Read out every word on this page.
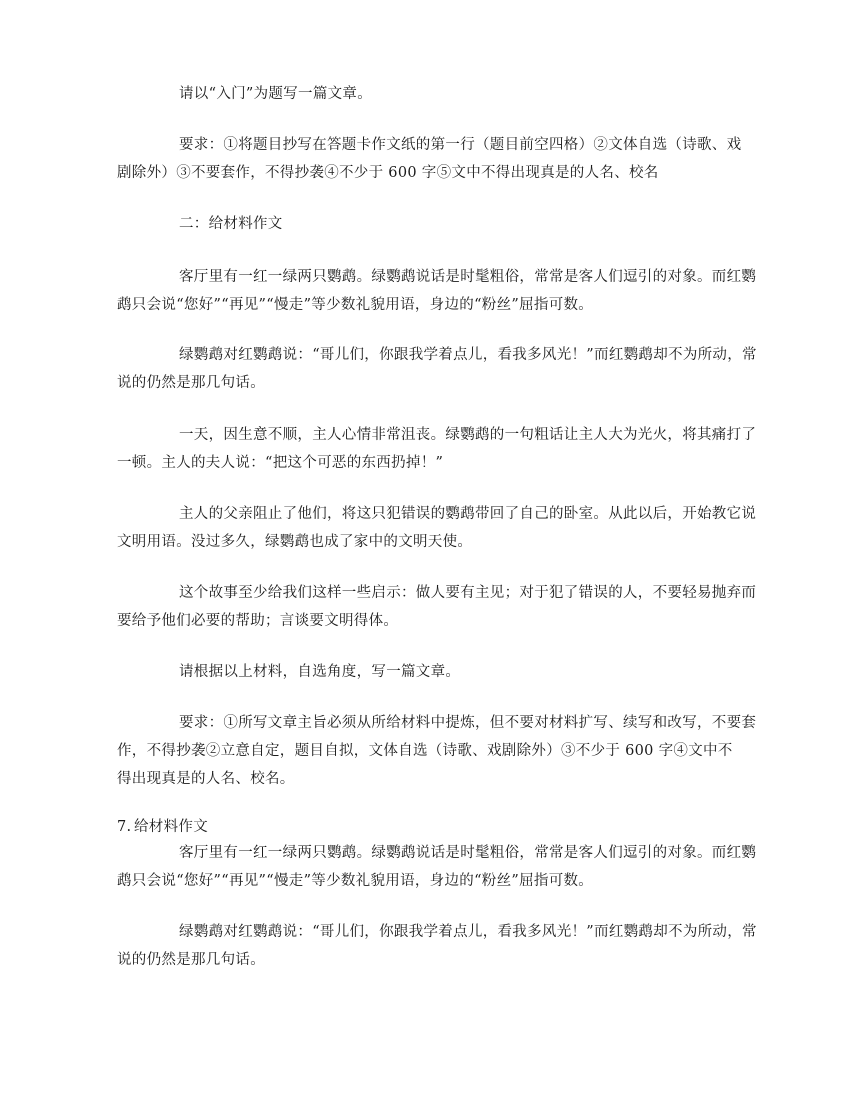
请以“入门”为题写一篇文章。
要求：①将题目抄写在答题卡作文纸的第一行（题目前空四格）②文体自选（诗歌、戏
剧除外）③不要套作，不得抄袭④不少于 600 字⑤文中不得出现真是的人名、校名
二：给材料作文
客厅里有一红一绿两只鹦鹉。绿鹦鹉说话是时髦粗俗，常常是客人们逗引的对象。而红鹦
鹉只会说“您好”“再见”“慢走”等少数礼貌用语，身边的“粉丝”屈指可数。
绿鹦鹉对红鹦鹉说：“哥儿们，你跟我学着点儿，看我多风光！”而红鹦鹉却不为所动，常
说的仍然是那几句话。
一天，因生意不顺，主人心情非常沮丧。绿鹦鹉的一句粗话让主人大为光火，将其痛打了
一顿。主人的夫人说：“把这个可恶的东西扔掉！”
主人的父亲阻止了他们，将这只犯错误的鹦鹉带回了自己的卧室。从此以后，开始教它说
文明用语。没过多久，绿鹦鹉也成了家中的文明天使。
这个故事至少给我们这样一些启示：做人要有主见；对于犯了错误的人，不要轻易抛弃而
要给予他们必要的帮助；言谈要文明得体。
请根据以上材料，自选角度，写一篇文章。
要求：①所写文章主旨必须从所给材料中提炼，但不要对材料扩写、续写和改写，不要套
作，不得抄袭②立意自定，题目自拟，文体自选（诗歌、戏剧除外）③不少于 600 字④文中不
得出现真是的人名、校名。
7. 给材料作文
客厅里有一红一绿两只鹦鹉。绿鹦鹉说话是时髦粗俗，常常是客人们逗引的对象。而红鹦
鹉只会说“您好”“再见”“慢走”等少数礼貌用语，身边的“粉丝”屈指可数。
绿鹦鹉对红鹦鹉说：“哥儿们，你跟我学着点儿，看我多风光！”而红鹦鹉却不为所动，常
说的仍然是那几句话。
